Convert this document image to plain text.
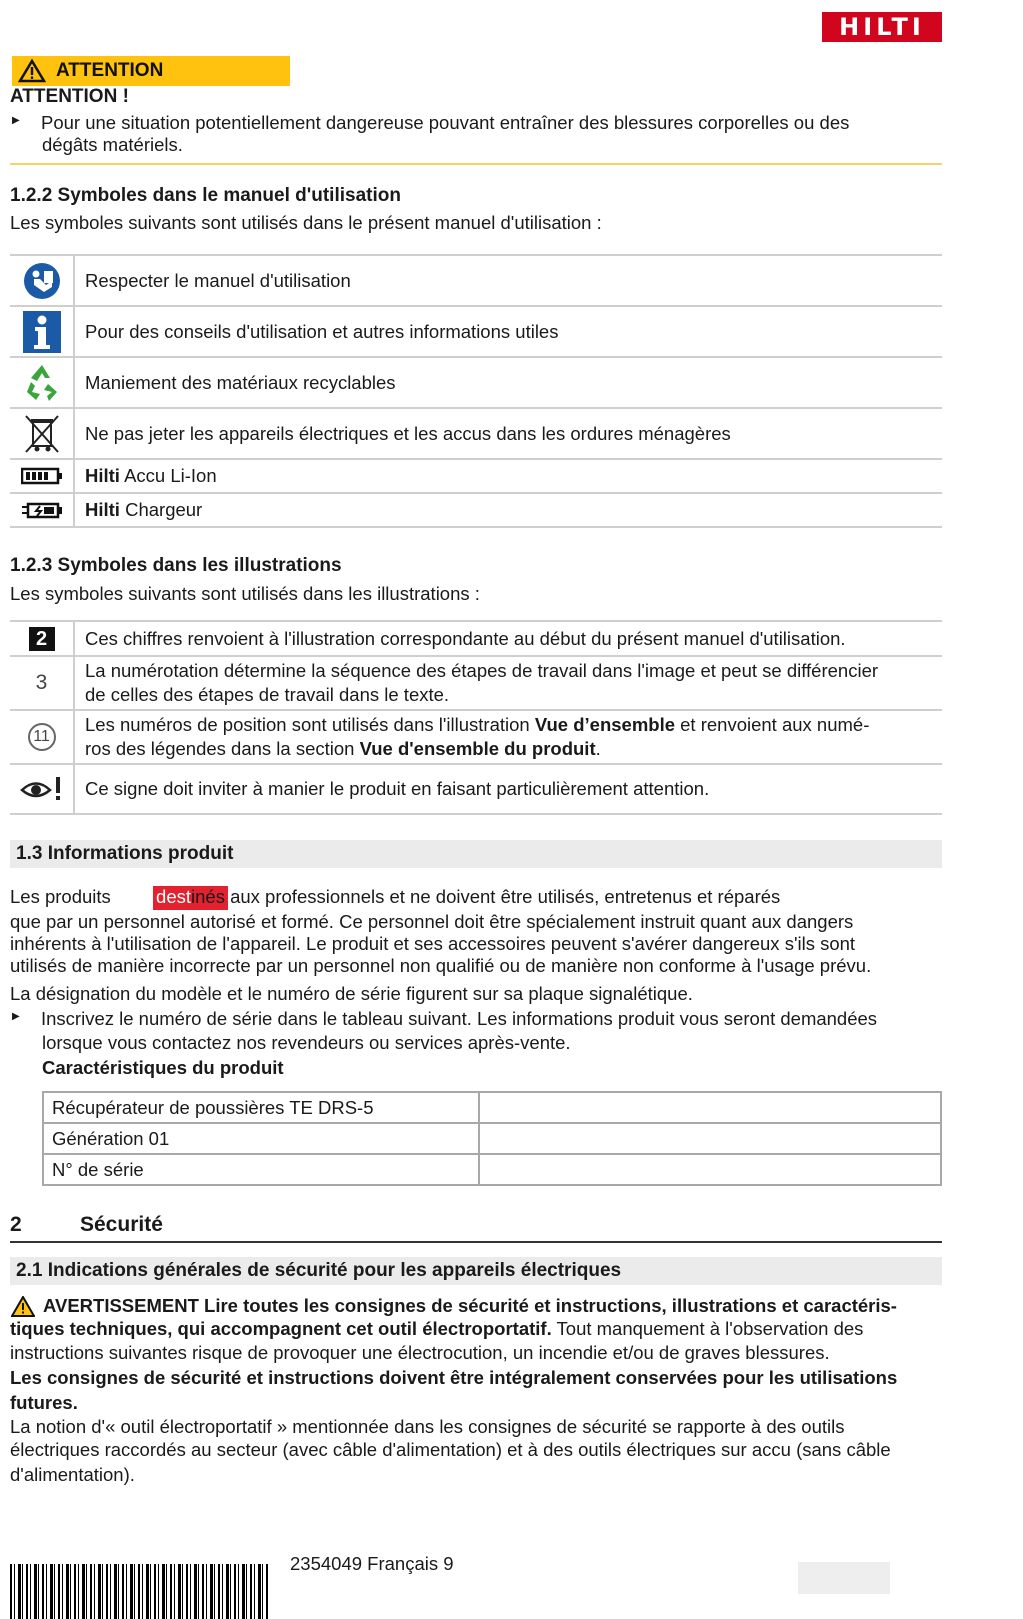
HILTI
ATTENTION
ATTENTION !
▶ Pour une situation potentiellement dangereuse pouvant entraîner des blessures corporelles ou des
dégâts matériels.
1.2.2 Symboles dans le manuel d'utilisation
Les symboles suivants sont utilisés dans le présent manuel d'utilisation :
	Respecter le manuel d'utilisation

	Pour des conseils d'utilisation et autres informations utiles

	Maniement des matériaux recyclables

	Ne pas jeter les appareils électriques et les accus dans les ordures ménagères

	Hilti Accu Li-Ion

	Hilti Chargeur
1.2.3 Symboles dans les illustrations
Les symboles suivants sont utilisés dans les illustrations :
2	Ces chiffres renvoient à l'illustration correspondante au début du présent manuel d'utilisation.
3	La numérotation détermine la séquence des étapes de travail dans l'image et peut se différencier
de celles des étapes de travail dans le texte.

11	Les numéros de position sont utilisés dans l'illustration Vue d’ensemble et renvoient aux numé-
ros des légendes dans la section Vue d'ensemble du produit.

	Ce signe doit inviter à manier le produit en faisant particulièrement attention.
1.3 Informations produit
Les produits sont destinés aux professionnels et ne doivent être utilisés, entretenus et réparés
que par un personnel autorisé et formé. Ce personnel doit être spécialement instruit quant aux dangers
inhérents à l'utilisation de l'appareil. Le produit et ses accessoires peuvent s'avérer dangereux s'ils sont
utilisés de manière incorrecte par un personnel non qualifié ou de manière non conforme à l'usage prévu.
La désignation du modèle et le numéro de série figurent sur sa plaque signalétique.
▶ Inscrivez le numéro de série dans le tableau suivant. Les informations produit vous seront demandées
lorsque vous contactez nos revendeurs ou services après-vente.
Caractéristiques du produit
Récupérateur de poussières TE DRS-5	
Génération 01	
N° de série	
2	Sécurité
2.1 Indications générales de sécurité pour les appareils électriques
AVERTISSEMENT Lire toutes les consignes de sécurité et instructions, illustrations et caractéris-
tiques techniques, qui accompagnent cet outil électroportatif. Tout manquement à l'observation des
instructions suivantes risque de provoquer une électrocution, un incendie et/ou de graves blessures.
Les consignes de sécurité et instructions doivent être intégralement conservées pour les utilisations
futures.
La notion d'« outil électroportatif » mentionnée dans les consignes de sécurité se rapporte à des outils
électriques raccordés au secteur (avec câble d'alimentation) et à des outils électriques sur accu (sans câble
d'alimentation).
2354049 Français 9
